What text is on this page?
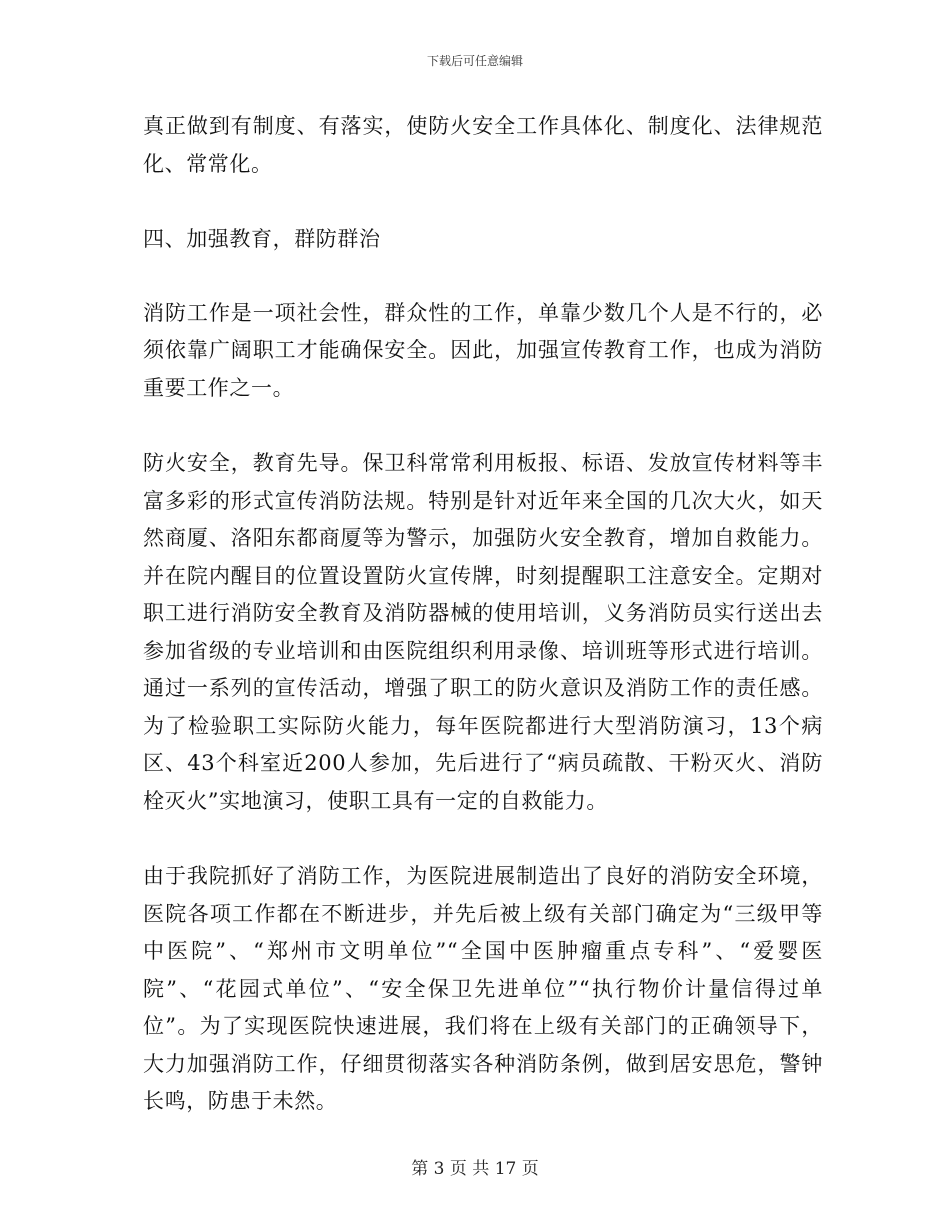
下载后可任意编辑

真正做到有制度、有落实，使防火安全工作具体化、制度化、法律规范化、常常化。

四、加强教育，群防群治

消防工作是一项社会性，群众性的工作，单靠少数几个人是不行的，必须依靠广阔职工才能确保安全。因此，加强宣传教育工作，也成为消防重要工作之一。

防火安全，教育先导。保卫科常常利用板报、标语、发放宣传材料等丰富多彩的形式宣传消防法规。特别是针对近年来全国的几次大火，如天然商厦、洛阳东都商厦等为警示，加强防火安全教育，增加自救能力。并在院内醒目的位置设置防火宣传牌，时刻提醒职工注意安全。定期对职工进行消防安全教育及消防器械的使用培训，义务消防员实行送出去参加省级的专业培训和由医院组织利用录像、培训班等形式进行培训。通过一系列的宣传活动，增强了职工的防火意识及消防工作的责任感。为了检验职工实际防火能力，每年医院都进行大型消防演习，13个病区、43个科室近200人参加，先后进行了“病员疏散、干粉灭火、消防栓灭火”实地演习，使职工具有一定的自救能力。

由于我院抓好了消防工作，为医院进展制造出了良好的消防安全环境，医院各项工作都在不断进步，并先后被上级有关部门确定为“三级甲等中医院”、“郑州市文明单位”“全国中医肿瘤重点专科”、“爱婴医院”、“花园式单位”、“安全保卫先进单位”“执行物价计量信得过单位”。为了实现医院快速进展，我们将在上级有关部门的正确领导下，大力加强消防工作，仔细贯彻落实各种消防条例，做到居安思危，警钟长鸣，防患于未然。

第 3 页 共 17 页
